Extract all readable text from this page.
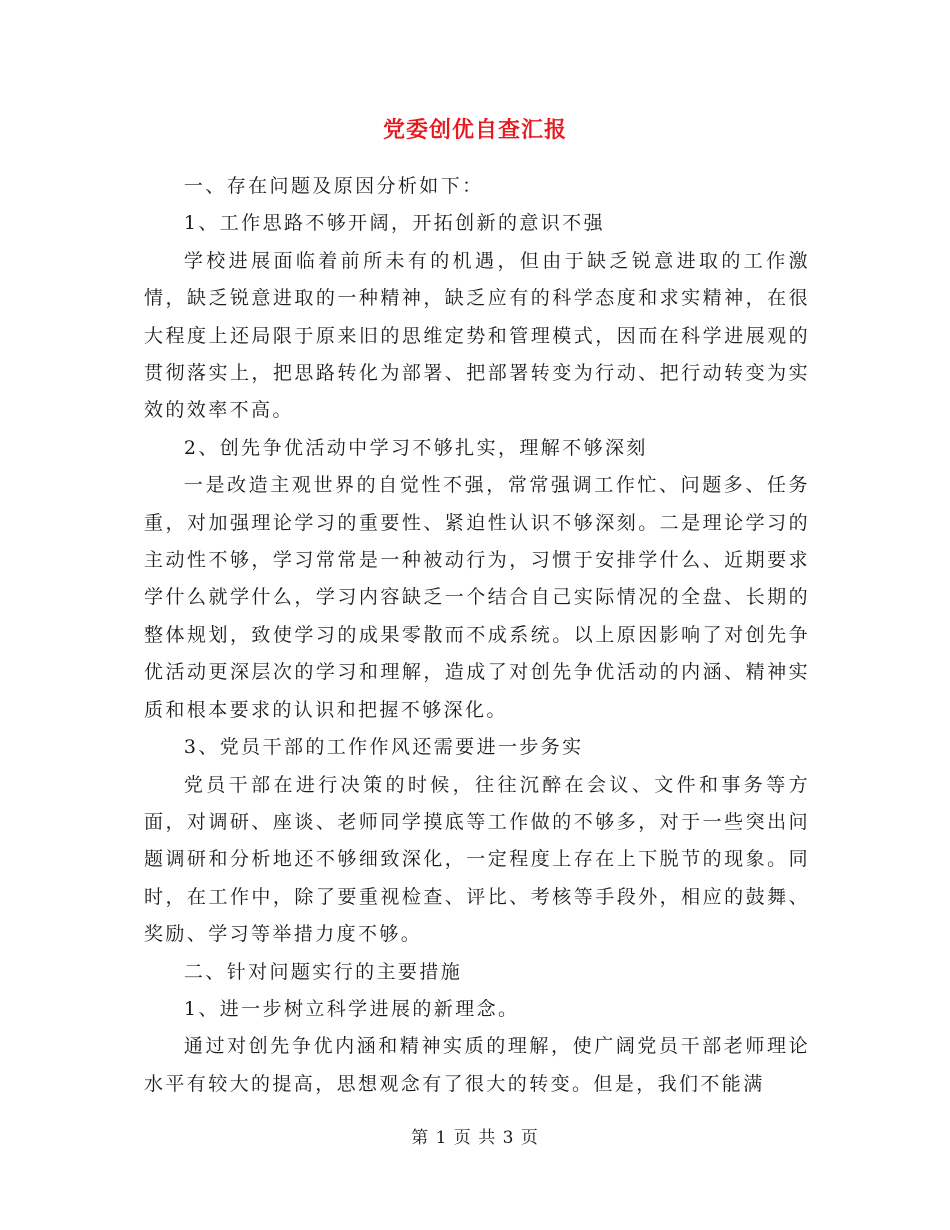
党委创优自查汇报

一、存在问题及原因分析如下：

1、工作思路不够开阔，开拓创新的意识不强

学校进展面临着前所未有的机遇，但由于缺乏锐意进取的工作激情，缺乏锐意进取的一种精神，缺乏应有的科学态度和求实精神，在很大程度上还局限于原来旧的思维定势和管理模式，因而在科学进展观的贯彻落实上，把思路转化为部署、把部署转变为行动、把行动转变为实效的效率不高。

2、创先争优活动中学习不够扎实，理解不够深刻

一是改造主观世界的自觉性不强，常常强调工作忙、问题多、任务重，对加强理论学习的重要性、紧迫性认识不够深刻。二是理论学习的主动性不够，学习常常是一种被动行为，习惯于安排学什么、近期要求学什么就学什么，学习内容缺乏一个结合自己实际情况的全盘、长期的整体规划，致使学习的成果零散而不成系统。以上原因影响了对创先争优活动更深层次的学习和理解，造成了对创先争优活动的内涵、精神实质和根本要求的认识和把握不够深化。

3、党员干部的工作作风还需要进一步务实

党员干部在进行决策的时候，往往沉醉在会议、文件和事务等方面，对调研、座谈、老师同学摸底等工作做的不够多，对于一些突出问题调研和分析地还不够细致深化，一定程度上存在上下脱节的现象。同时，在工作中，除了要重视检查、评比、考核等手段外，相应的鼓舞、奖励、学习等举措力度不够。

二、针对问题实行的主要措施

1、进一步树立科学进展的新理念。

通过对创先争优内涵和精神实质的理解，使广阔党员干部老师理论水平有较大的提高，思想观念有了很大的转变。但是，我们不能满

第 1 页 共 3 页
